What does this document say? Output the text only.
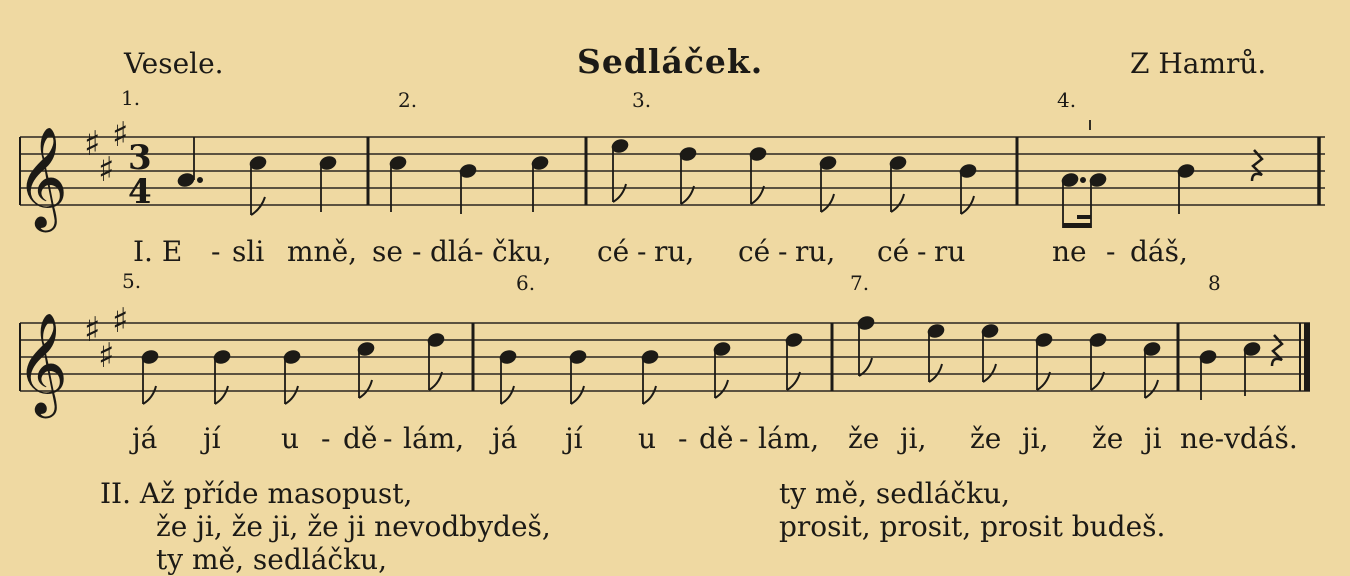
Vesele.	Sedláček.	Z Hamrů.
1.	2.	3.	4.
5.	6.	7.	8
𝄞
𝄞
♯
♯
♯
♯
♯
♯
3
4
I. E - sli mně, se - dlá - čku, cé - ru, cé - ru, cé - ru	ne - dáš,
já jí u - dě - lám, já jí u - dě - lám, že ji, že ji, že ji ne-vdáš.
II. Až příde masopust,
že ji, že ji, že ji nevodbydeš,
ty mě, sedláčku,
ty mě, sedláčku,
prosit, prosit, prosit budeš.
